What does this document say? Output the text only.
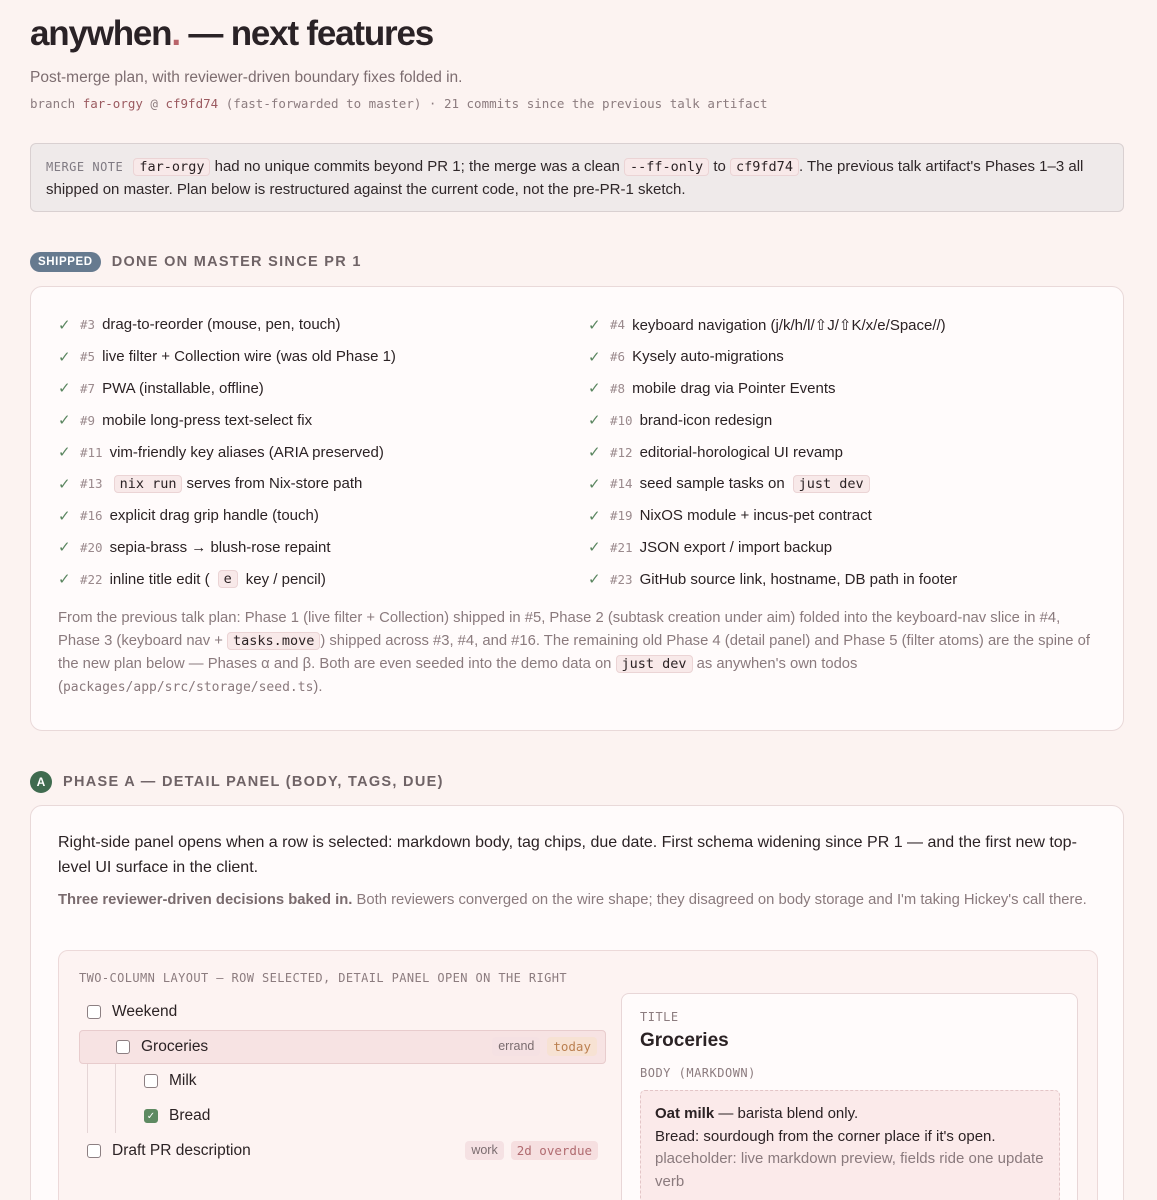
anywhen. — next features
Post-merge plan, with reviewer-driven boundary fixes folded in.
branch far-orgy @ cf9fd74 (fast-forwarded to master) · 21 commits since the previous talk artifact
MERGE NOTE far-orgy had no unique commits beyond PR 1; the merge was a clean --ff-only to cf9fd74 . The previous talk artifact's Phases 1–3 all shipped on master. Plan below is restructured against the current code, not the pre-PR-1 sketch.
SHIPPED	DONE ON MASTER SINCE PR 1
✓ #3 drag-to-reorder (mouse, pen, touch)	✓ #4 keyboard navigation (j/k/h/l/⇧J/⇧K/x/e/Space//)
✓ #5 live filter + Collection wire (was old Phase 1)	✓ #6 Kysely auto-migrations
✓ #7 PWA (installable, offline)	✓ #8 mobile drag via Pointer Events
✓ #9 mobile long-press text-select fix	✓ #10 brand-icon redesign
✓ #11 vim-friendly key aliases (ARIA preserved)	✓ #12 editorial-horological UI revamp
✓ #13	nix run serves from Nix-store path	✓ #14 seed sample tasks on	just dev
✓ #16 explicit drag grip handle (touch)	✓ #19 NixOS module + incus-pet contract
✓ #20 sepia-brass → blush-rose repaint	✓ #21 JSON export / import backup
✓ #22 inline title edit (	e key / pencil)	✓ #23 GitHub source link, hostname, DB path in footer

From the previous talk plan: Phase 1 (live filter + Collection) shipped in #5, Phase 2 (subtask creation under aim) folded into the keyboard-nav slice in #4, Phase 3 (keyboard nav + tasks.move ) shipped across #3, #4, and #16. The remaining old Phase 4 (detail panel) and Phase 5 (filter atoms) are the spine of the new plan below — Phases α and β. Both are even seeded into the demo data on just dev as anywhen's own todos
(packages/app/src/storage/seed.ts).

A	PHASE A — DETAIL PANEL (BODY, TAGS, DUE)

Right-side panel opens when a row is selected: markdown body, tag chips, due date. First schema widening since PR 1 — and the first new top-level UI surface in the client.

Three reviewer-driven decisions baked in. Both reviewers converged on the wire shape; they disagreed on body storage and I'm taking Hickey's call there.

TWO-COLUMN LAYOUT — ROW SELECTED, DETAIL PANEL OPEN ON THE RIGHT
Weekend
Groceries	errand	today
Milk
✓ Bread
Draft PR description	work	2d overdue
TITLE
Groceries
BODY (MARKDOWN)
Oat milk — barista blend only.
Bread: sourdough from the corner place if it's open.
placeholder: live markdown preview, fields ride one update verb
